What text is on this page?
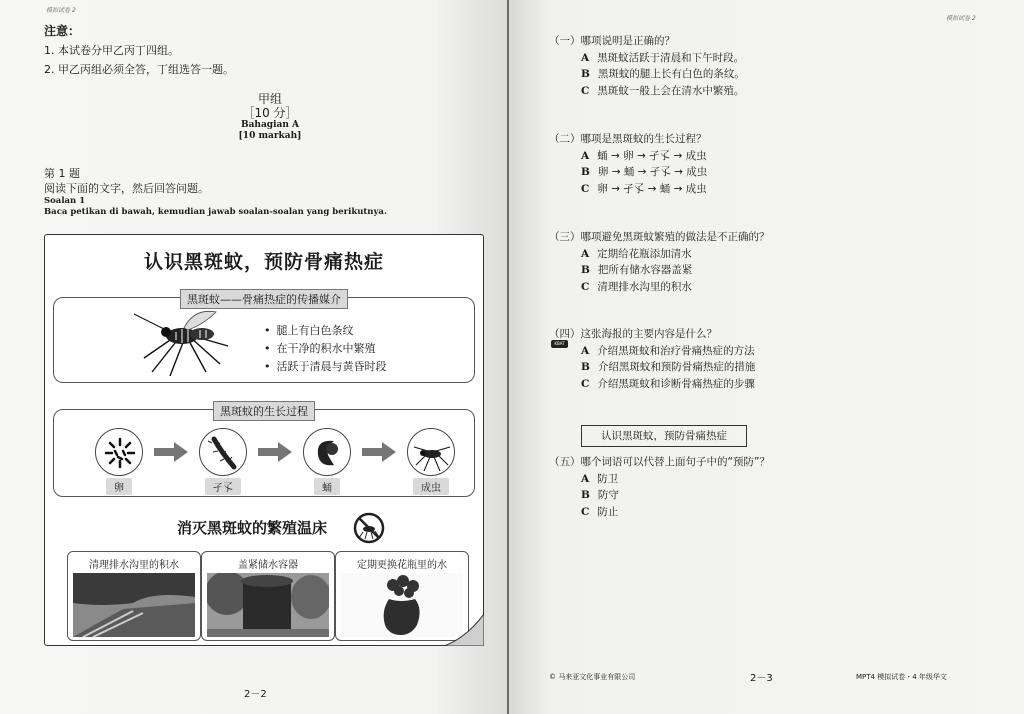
模拟试卷 2
注意：
1. 本试卷分甲乙丙丁四组。
2. 甲乙丙组必须全答，丁组选答一题。
甲组
［10 分］
Bahagian A
[10 markah]
第 1 题
阅读下面的文字，然后回答问题。
Soalan 1
Baca petikan di bawah, kemudian jawab soalan-soalan yang berikutnya.
认识黑斑蚊，预防骨痛热症
黑斑蚊——骨痛热症的传播媒介
• 腿上有白色条纹
• 在干净的积水中繁殖
• 活跃于清晨与黄昏时段
黑斑蚊的生长过程
卵	孑孓	蛹	成虫
消灭黑斑蚊的繁殖温床
清理排水沟里的积水	盖紧储水容器	定期更换花瓶里的水
2－2
模拟试卷 2
（一）哪项说明是正确的？
A 黑斑蚊活跃于清晨和下午时段。
B 黑斑蚊的腿上长有白色的条纹。
C 黑斑蚊一般上会在清水中繁殖。
（二）哪项是黑斑蚊的生长过程？
A 蛹 → 卵 → 孑孓 → 成虫
B 卵 → 蛹 → 孑孓 → 成虫
C 卵 → 孑孓 → 蛹 → 成虫
（三）哪项避免黑斑蚊繁殖的做法是不正确的？
A 定期给花瓶添加清水
B 把所有储水容器盖紧
C 清理排水沟里的积水
KBAT
（四）这张海报的主要内容是什么？
A 介绍黑斑蚊和治疗骨痛热症的方法
B 介绍黑斑蚊和预防骨痛热症的措施
C 介绍黑斑蚊和诊断骨痛热症的步骤
认识黑斑蚊，预防骨痛热症
（五）哪个词语可以代替上面句子中的“预防”？
A 防卫
B 防守
C 防止
© 马来亚文化事业有限公司	2－3	MPT4 模拟试卷・4 年级华文
